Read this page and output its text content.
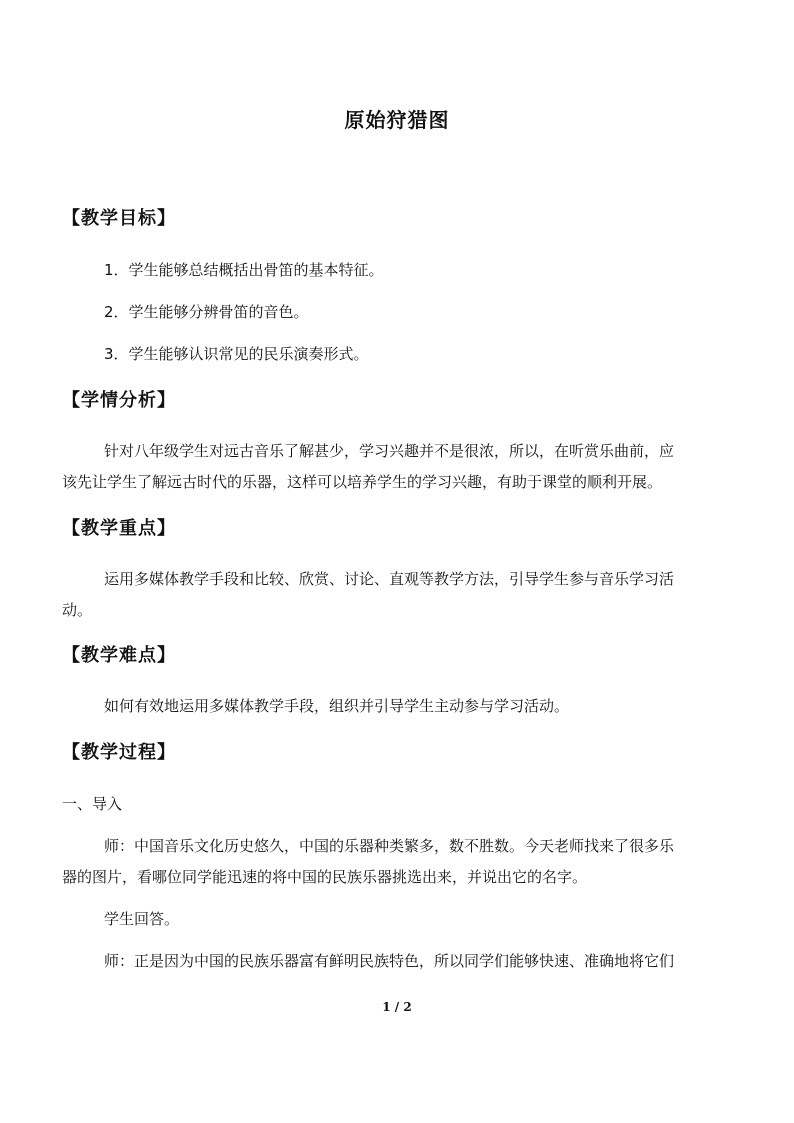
原始狩猎图
【教学目标】
1．学生能够总结概括出骨笛的基本特征。
2．学生能够分辨骨笛的音色。
3．学生能够认识常见的民乐演奏形式。
【学情分析】
针对八年级学生对远古音乐了解甚少，学习兴趣并不是很浓，所以，在听赏乐曲前，应
该先让学生了解远古时代的乐器，这样可以培养学生的学习兴趣，有助于课堂的顺利开展。
【教学重点】
运用多媒体教学手段和比较、欣赏、讨论、直观等教学方法，引导学生参与音乐学习活
动。
【教学难点】
如何有效地运用多媒体教学手段，组织并引导学生主动参与学习活动。
【教学过程】
一、导入
师：中国音乐文化历史悠久，中国的乐器种类繁多，数不胜数。今天老师找来了很多乐
器的图片，看哪位同学能迅速的将中国的民族乐器挑选出来，并说出它的名字。
学生回答。
师：正是因为中国的民族乐器富有鲜明民族特色，所以同学们能够快速、准确地将它们
1 / 2
